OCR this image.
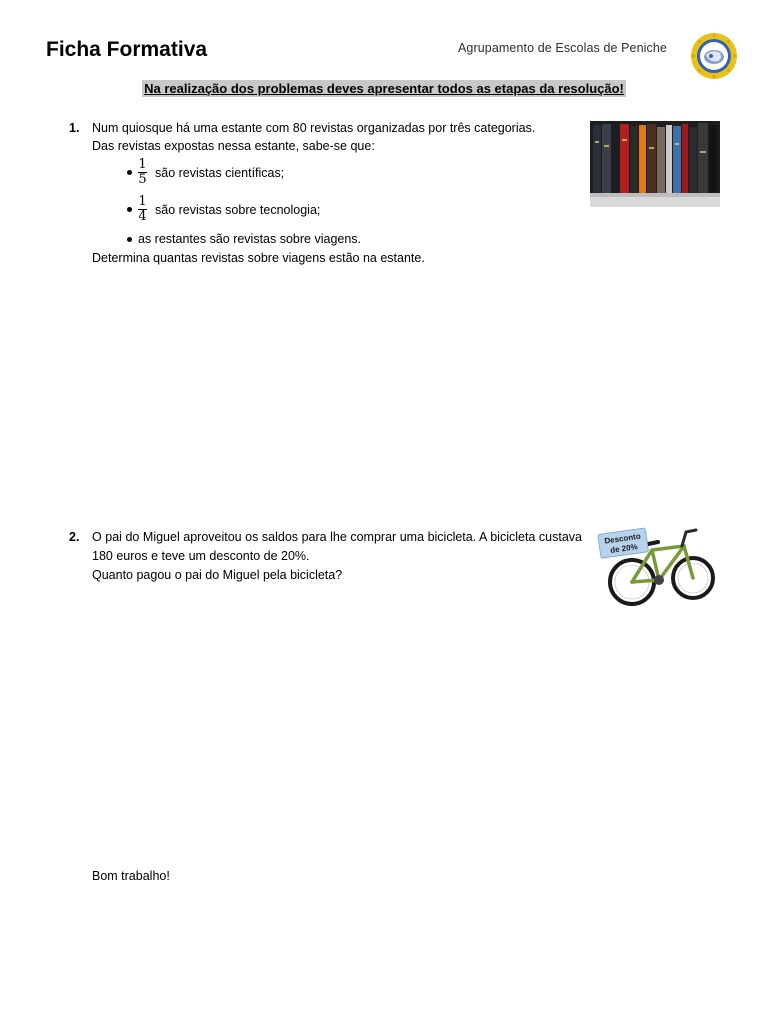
Ficha Formativa	Agrupamento de Escolas de Peniche
Na realização dos problemas deves apresentar todos as etapas da resolução!
1. Num quiosque há uma estante com 80 revistas organizadas por três categorias.
Das revistas expostas nessa estante, sabe-se que:
$\frac{1}{5}$ são revistas científicas;
$\frac{1}{4}$ são revistas sobre tecnologia;
as restantes são revistas sobre viagens.
Determina quantas revistas sobre viagens estão na estante.
2. O pai do Miguel aproveitou os saldos para lhe comprar uma bicicleta. A bicicleta custava 180 euros e teve um desconto de 20%.
Quanto pagou o pai do Miguel pela bicicleta?
Desconto
de 20%
Bom trabalho!
